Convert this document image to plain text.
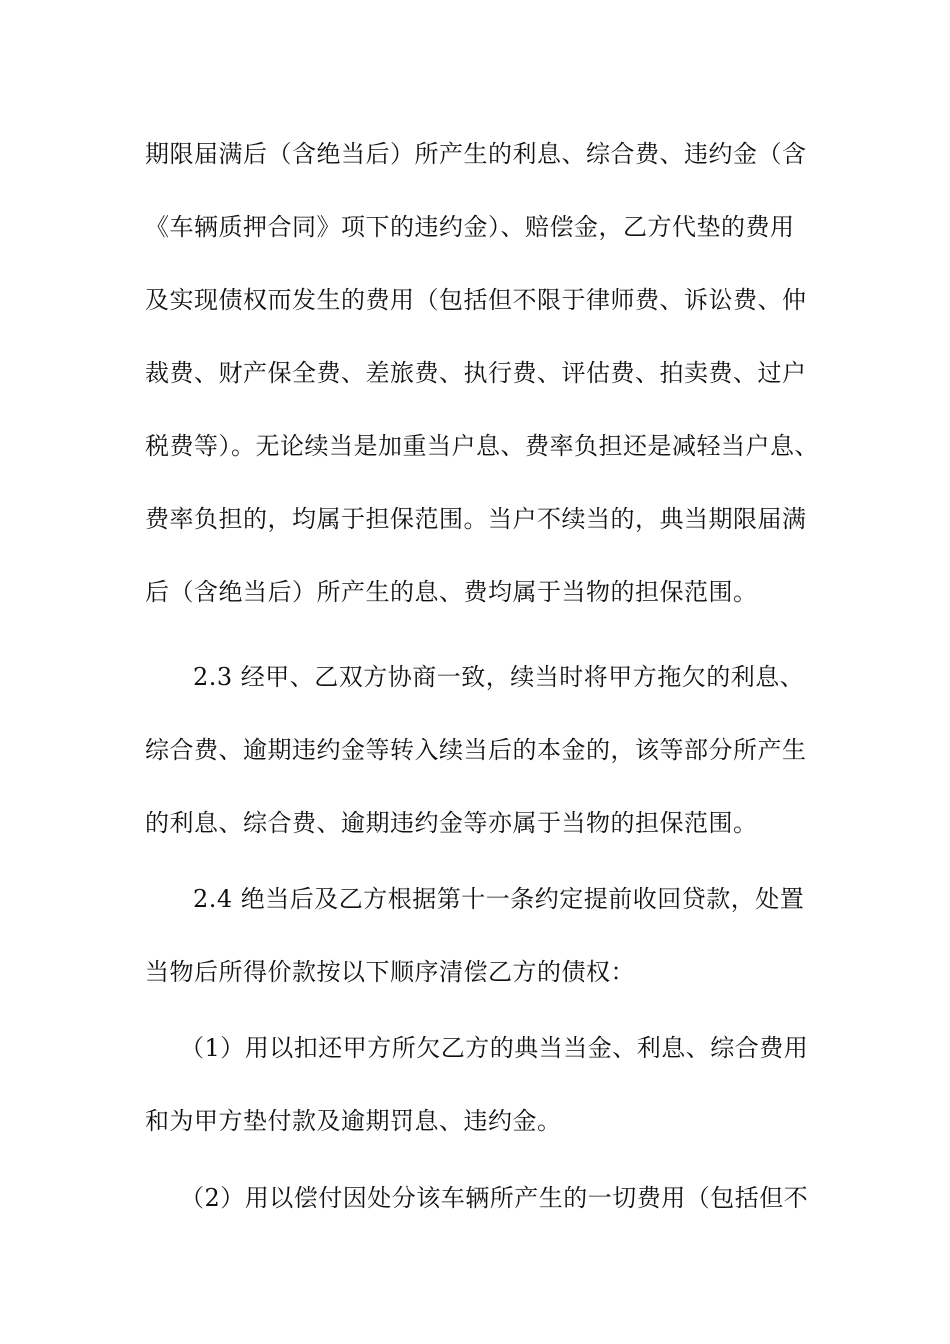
期限届满后（含绝当后）所产生的利息、综合费、违约金（含
《车辆质押合同》项下的违约金）、赔偿金，乙方代垫的费用
及实现债权而发生的费用（包括但不限于律师费、诉讼费、仲
裁费、财产保全费、差旅费、执行费、评估费、拍卖费、过户
税费等）。无论续当是加重当户息、费率负担还是减轻当户息、
费率负担的，均属于担保范围。当户不续当的，典当期限届满
后（含绝当后）所产生的息、费均属于当物的担保范围。
2.3 经甲、乙双方协商一致，续当时将甲方拖欠的利息、
综合费、逾期违约金等转入续当后的本金的，该等部分所产生
的利息、综合费、逾期违约金等亦属于当物的担保范围。
2.4 绝当后及乙方根据第十一条约定提前收回贷款，处置
当物后所得价款按以下顺序清偿乙方的债权：
（1）用以扣还甲方所欠乙方的典当当金、利息、综合费用
和为甲方垫付款及逾期罚息、违约金。
（2）用以偿付因处分该车辆所产生的一切费用（包括但不
